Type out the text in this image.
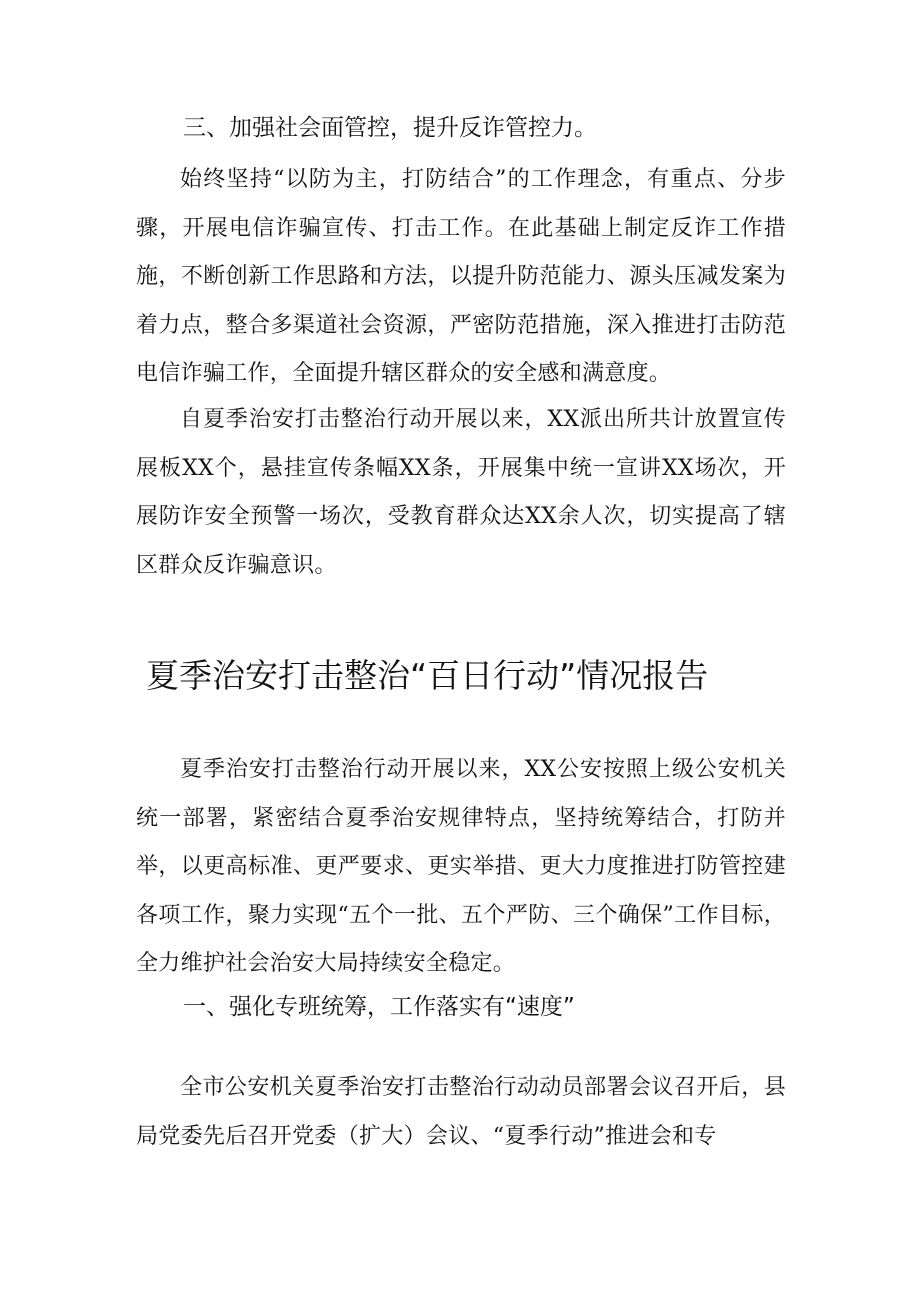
三、加强社会面管控，提升反诈管控力。

始终坚持“以防为主，打防结合”的工作理念，有重点、分步骤，开展电信诈骗宣传、打击工作。在此基础上制定反诈工作措施，不断创新工作思路和方法，以提升防范能力、源头压减发案为着力点，整合多渠道社会资源，严密防范措施，深入推进打击防范电信诈骗工作，全面提升辖区群众的安全感和满意度。

自夏季治安打击整治行动开展以来，XX派出所共计放置宣传展板XX个，悬挂宣传条幅XX条，开展集中统一宣讲XX场次，开展防诈安全预警一场次，受教育群众达XX余人次，切实提高了辖区群众反诈骗意识。

夏季治安打击整治“百日行动”情况报告

夏季治安打击整治行动开展以来，XX公安按照上级公安机关统一部署，紧密结合夏季治安规律特点，坚持统筹结合，打防并举，以更高标准、更严要求、更实举措、更大力度推进打防管控建各项工作，聚力实现“五个一批、五个严防、三个确保”工作目标，全力维护社会治安大局持续安全稳定。

一、强化专班统筹，工作落实有“速度”

全市公安机关夏季治安打击整治行动动员部署会议召开后，县局党委先后召开党委（扩大）会议、“夏季行动”推进会和专
